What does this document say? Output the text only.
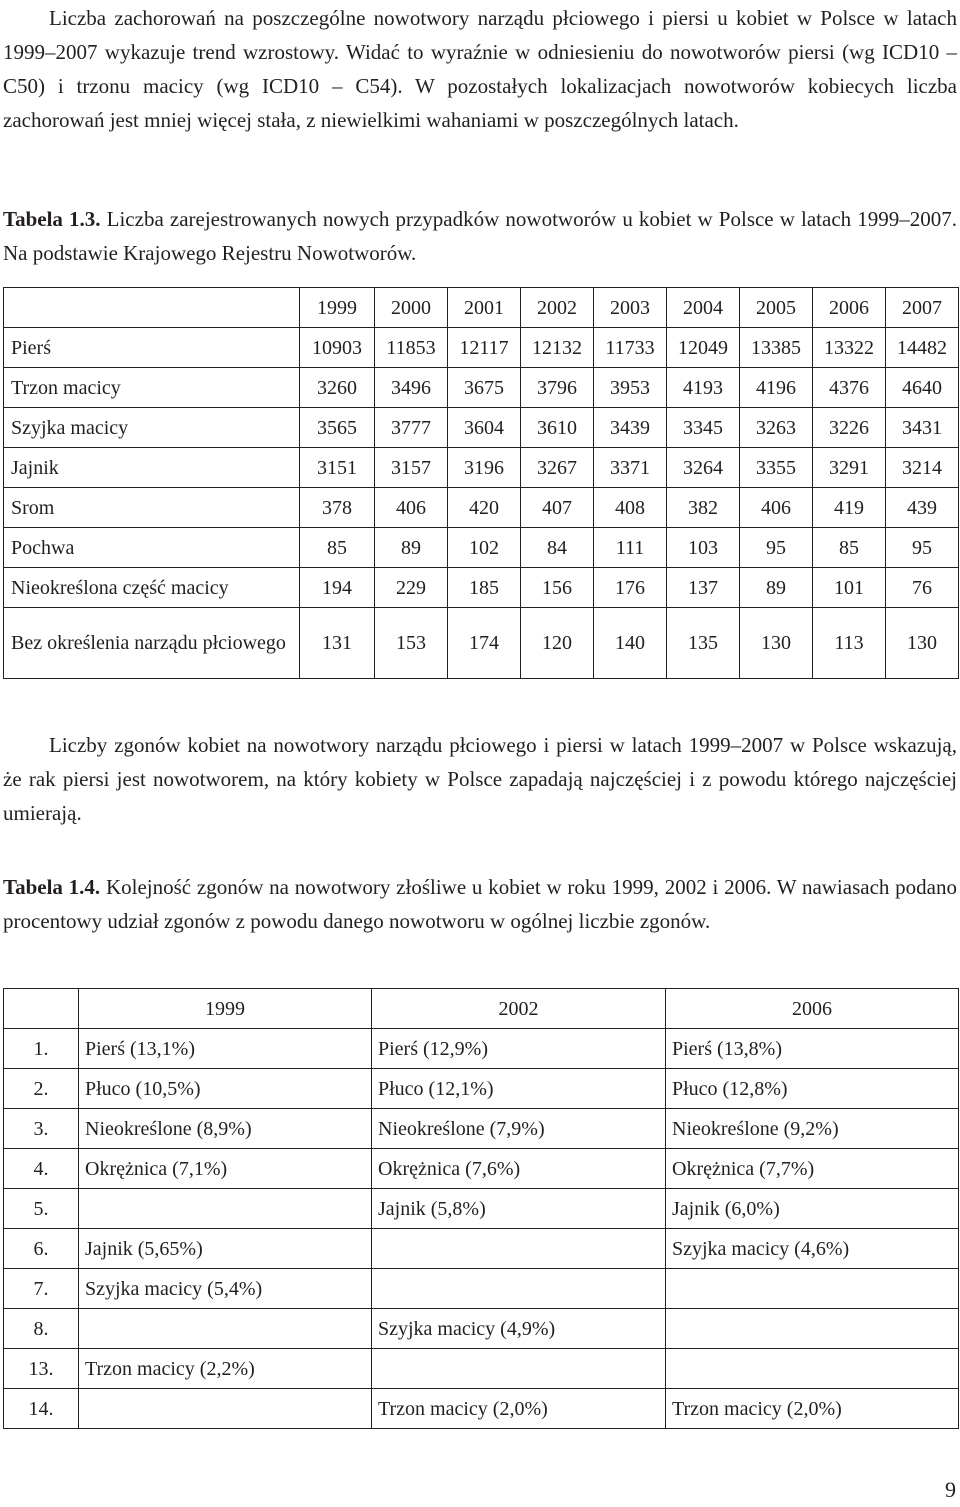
Liczba zachorowań na poszczególne nowotwory narządu płciowego i piersi u kobiet w Polsce w latach 1999–2007 wykazuje trend wzrostowy. Widać to wyraźnie w odniesieniu do nowotworów piersi (wg ICD10 – C50) i trzonu macicy (wg ICD10 – C54). W pozostałych lokalizacjach nowotworów kobiecych liczba zachorowań jest mniej więcej stała, z niewielkimi wahaniami w poszczególnych latach.

Tabela 1.3. Liczba zarejestrowanych nowych przypadków nowotworów u kobiet w Polsce w latach 1999–2007. Na podstawie Krajowego Rejestru Nowotworów.

	1999	2000	2001	2002	2003	2004	2005	2006	2007
Pierś	10903	11853	12117	12132	11733	12049	13385	13322	14482
Trzon macicy	3260	3496	3675	3796	3953	4193	4196	4376	4640
Szyjka macicy	3565	3777	3604	3610	3439	3345	3263	3226	3431
Jajnik	3151	3157	3196	3267	3371	3264	3355	3291	3214
Srom	378	406	420	407	408	382	406	419	439
Pochwa	85	89	102	84	111	103	95	85	95
Nieokreślona część macicy	194	229	185	156	176	137	89	101	76
Bez określenia narządu płciowego	131	153	174	120	140	135	130	113	130

Liczby zgonów kobiet na nowotwory narządu płciowego i piersi w latach 1999–2007 w Polsce wskazują, że rak piersi jest nowotworem, na który kobiety w Polsce zapadają najczęściej i z powodu którego najczęściej umierają.

Tabela 1.4. Kolejność zgonów na nowotwory złośliwe u kobiet w roku 1999, 2002 i 2006. W nawiasach podano procentowy udział zgonów z powodu danego nowotworu w ogólnej liczbie zgonów.

	1999	2002	2006
1.	Pierś (13,1%)	Pierś (12,9%)	Pierś (13,8%)
2.	Płuco (10,5%)	Płuco (12,1%)	Płuco (12,8%)
3.	Nieokreślone (8,9%)	Nieokreślone (7,9%)	Nieokreślone (9,2%)
4.	Okrężnica (7,1%)	Okrężnica (7,6%)	Okrężnica (7,7%)
5.		Jajnik (5,8%)	Jajnik (6,0%)
6.	Jajnik (5,65%)		Szyjka macicy (4,6%)
7.	Szyjka macicy (5,4%)		
8.		Szyjka macicy (4,9%)	
13.	Trzon macicy (2,2%)		
14.		Trzon macicy (2,0%)	Trzon macicy (2,0%)
9
